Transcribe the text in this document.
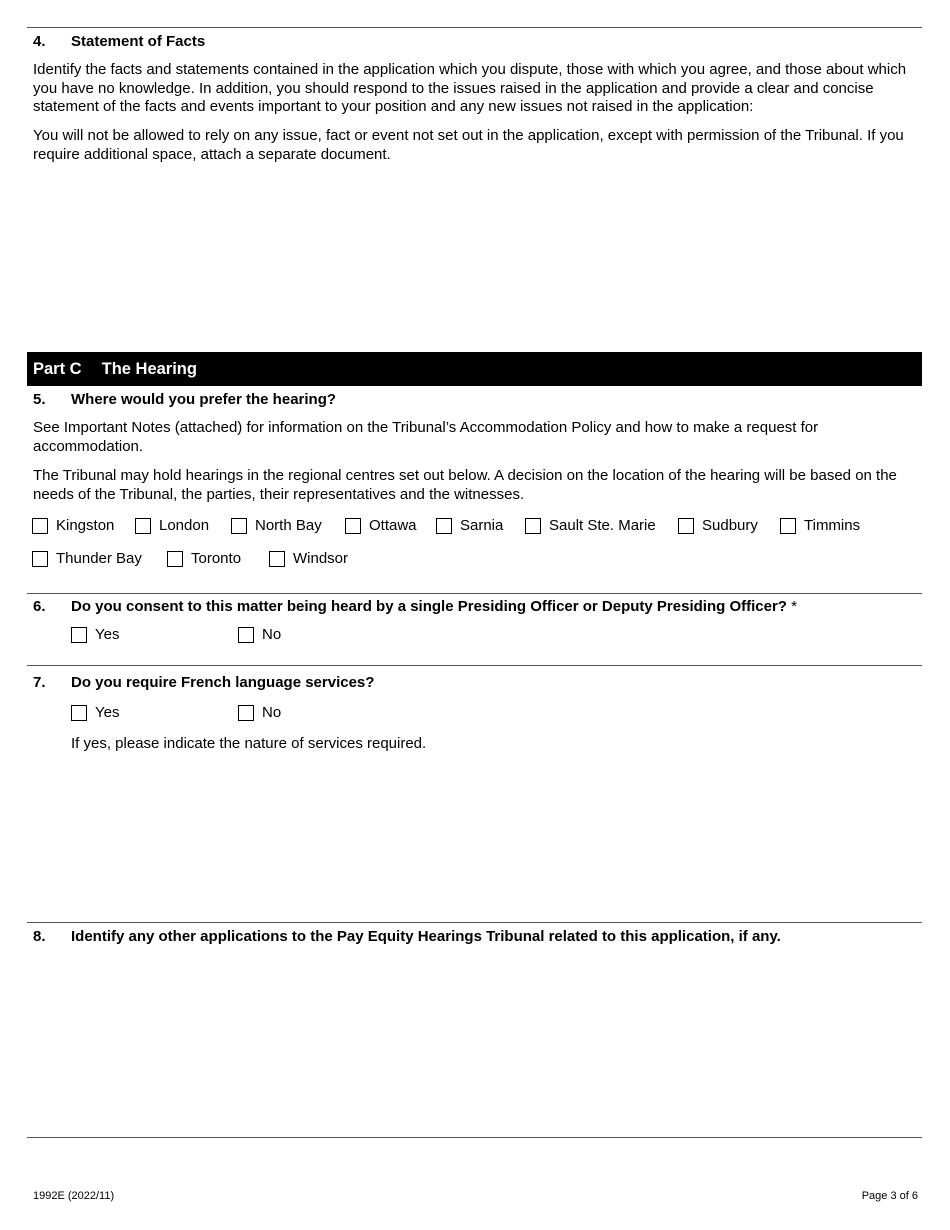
4. Statement of Facts
Identify the facts and statements contained in the application which you dispute, those with which you agree, and those about which you have no knowledge. In addition, you should respond to the issues raised in the application and provide a clear and concise statement of the facts and events important to your position and any new issues not raised in the application:
You will not be allowed to rely on any issue, fact or event not set out in the application, except with permission of the Tribunal. If you require additional space, attach a separate document.
Part C The Hearing
5. Where would you prefer the hearing?
See Important Notes (attached) for information on the Tribunal’s Accommodation Policy and how to make a request for accommodation.
The Tribunal may hold hearings in the regional centres set out below. A decision on the location of the hearing will be based on the needs of the Tribunal, the parties, their representatives and the witnesses.
Kingston	London	North Bay	Ottawa	Sarnia	Sault Ste. Marie	Sudbury	Timmins
Thunder Bay	Toronto	Windsor
6. Do you consent to this matter being heard by a single Presiding Officer or Deputy Presiding Officer? *
Yes	No
7. Do you require French language services?
Yes	No
If yes, please indicate the nature of services required.
8. Identify any other applications to the Pay Equity Hearings Tribunal related to this application, if any.
1992E (2022/11)	Page 3 of 6
